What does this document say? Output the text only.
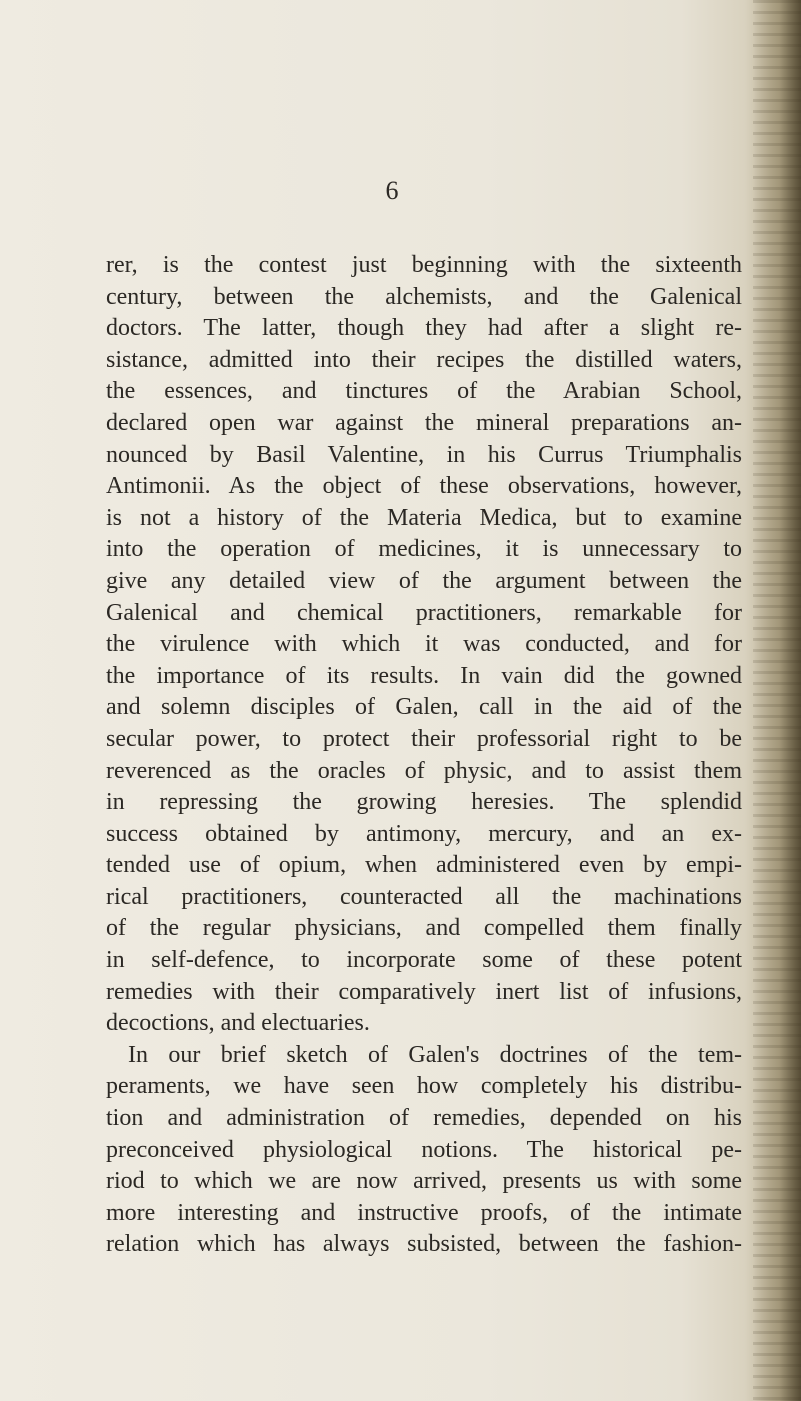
6
rer, is the contest just beginning with the sixteenth
century, between the alchemists, and the Galenical
doctors. The latter, though they had after a slight re-
sistance, admitted into their recipes the distilled waters,
the essences, and tinctures of the Arabian School,
declared open war against the mineral preparations an-
nounced by Basil Valentine, in his Currus Triumphalis
Antimonii. As the object of these observations, however,
is not a history of the Materia Medica, but to examine
into the operation of medicines, it is unnecessary to
give any detailed view of the argument between the
Galenical and chemical practitioners, remarkable for
the virulence with which it was conducted, and for
the importance of its results. In vain did the gowned
and solemn disciples of Galen, call in the aid of the
secular power, to protect their professorial right to be
reverenced as the oracles of physic, and to assist them
in repressing the growing heresies. The splendid
success obtained by antimony, mercury, and an ex-
tended use of opium, when administered even by empi-
rical practitioners, counteracted all the machinations
of the regular physicians, and compelled them finally
in self-defence, to incorporate some of these potent
remedies with their comparatively inert list of infusions,
decoctions, and electuaries.
In our brief sketch of Galen's doctrines of the tem-
peraments, we have seen how completely his distribu-
tion and administration of remedies, depended on his
preconceived physiological notions. The historical pe-
riod to which we are now arrived, presents us with some
more interesting and instructive proofs, of the intimate
relation which has always subsisted, between the fashion-
